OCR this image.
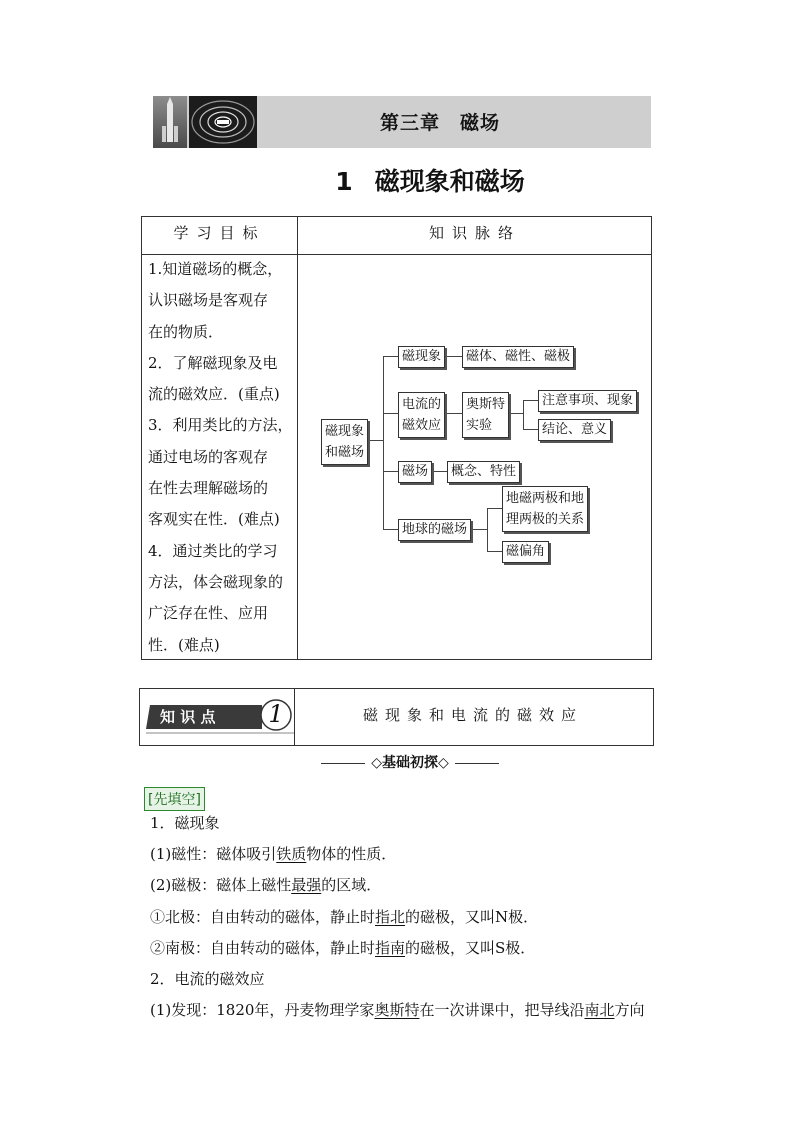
第三章　磁场
1 磁现象和磁场
学习目标	知识脉络
1.知道磁场的概念，
认识磁场是客观存
在的物质．
2．了解磁现象及电
流的磁效应．(重点)
3．利用类比的方法，
通过电场的客观存
在性去理解磁场的
客观实在性．(难点)
4．通过类比的学习
方法，体会磁现象的
广泛存在性、应用
性．(难点)
磁现象
和磁场
磁现象	磁体、磁性、磁极
电流的
磁效应
奥斯特
实验
注意事项、现象
结论、意义
磁场	概念、特性
地球的磁场
地磁两极和地
理两极的关系
磁偏角
知 识 点	1	磁现象和电流的磁效应
◇基础初探◇
[先填空]
1．磁现象
(1)磁性：磁体吸引铁质物体的性质．
(2)磁极：磁体上磁性最强的区域．
①北极：自由转动的磁体，静止时指北的磁极，又叫N极．
②南极：自由转动的磁体，静止时指南的磁极，又叫S极．
2．电流的磁效应
(1)发现：1820年，丹麦物理学家奥斯特在一次讲课中，把导线沿南北方向
